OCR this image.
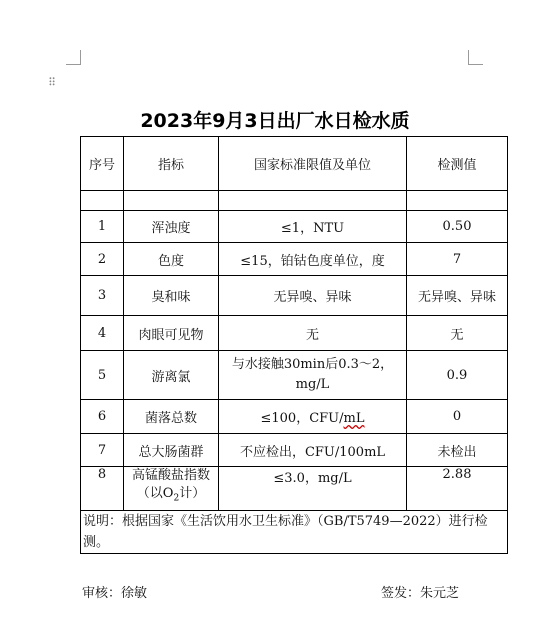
⠿
2023年9月3日出厂水日检水质
序号	指标	国家标准限值及单位	检测值

1	浑浊度	≤1，NTU	0.50
2	色度	≤15，铂钴色度单位，度	7
3	臭和味	无异嗅、异味	无异嗅、异味
4	肉眼可见物	无	无
5	游离氯	与水接触30min后0.3～2，
mg/L	0.9
6	菌落总数	≤100，CFU/mL	0
7	总大肠菌群	不应检出，CFU/100mL	未检出
8	高锰酸盐指数
（以$O_2$计）	≤3.0，mg/L	2.88
说明：根据国家《生活饮用水卫生标准》（GB/T5749—2022）进行检测。			
审核：徐敏	签发：朱元芝
